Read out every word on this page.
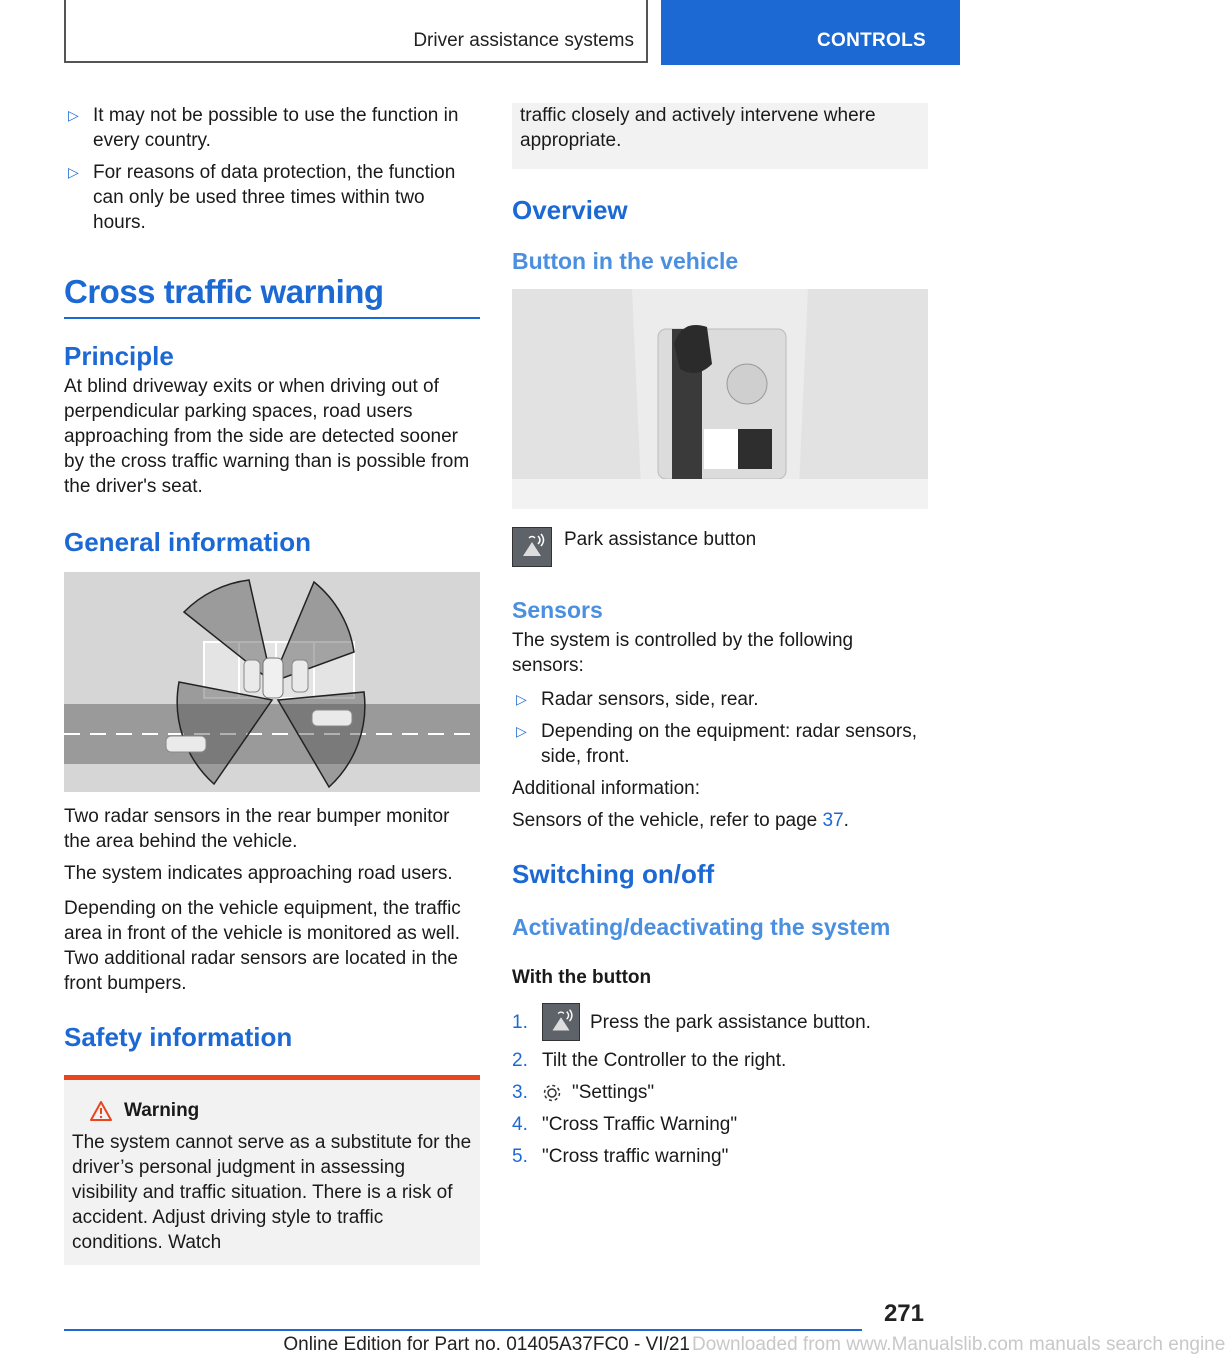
Driver assistance systems	CONTROLS
▷ It may not be possible to use the function in every country.
▷ For reasons of data protection, the function can only be used three times within two hours.
Cross traffic warning
Principle

At blind driveway exits or when driving out of perpendicular parking spaces, road users approaching from the side are detected sooner by the cross traffic warning than is possible from the driver's seat.

General information

Two radar sensors in the rear bumper monitor the area behind the vehicle.

The system indicates approaching road users.

Depending on the vehicle equipment, the traffic area in front of the vehicle is monitored as well. Two additional radar sensors are located in the front bumpers.

Safety information
Warning

The system cannot serve as a substitute for the driver’s personal judgment in assessing visibility and traffic situation. There is a risk of accident. Adjust driving style to traffic conditions. Watch

traffic closely and actively intervene where appropriate.

Overview
Button in the vehicle

Park assistance button

Sensors

The system is controlled by the following sensors:

▷ Radar sensors, side, rear.
▷ Depending on the equipment: radar sensors, side, front.

Additional information:

Sensors of the vehicle, refer to page 37.

Switching on/off
Activating/deactivating the system
With the button
1.	Press the park assistance button.
2. Tilt the Controller to the right.
3. "Settings"
4. "Cross Traffic Warning"
5. "Cross traffic warning"
271
Online Edition for Part no. 01405A37FC0 - VI/21 Downloaded from www.Manualslib.com manuals search engine
